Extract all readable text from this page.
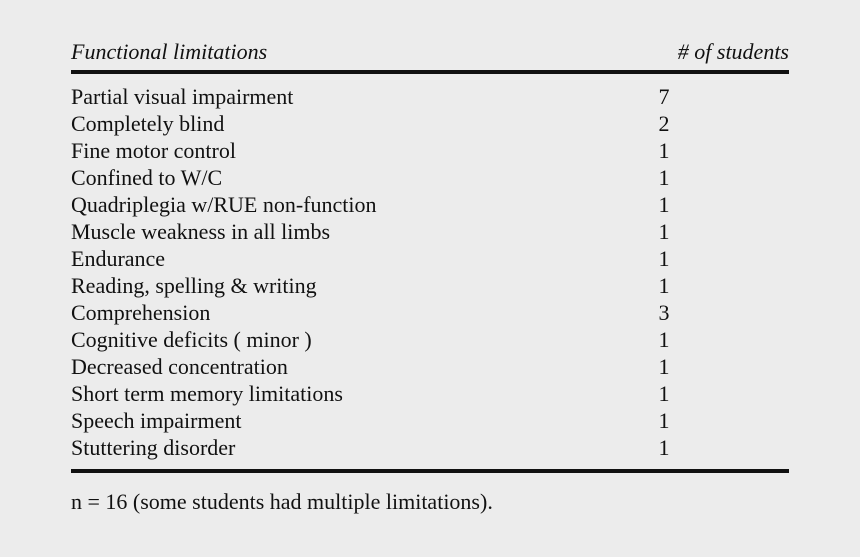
Functional limitations	# of students
Partial visual impairment	7
Completely blind	2
Fine motor control	1
Confined to W/C	1
Quadriplegia w/RUE non-function	1
Muscle weakness in all limbs	1
Endurance	1
Reading, spelling & writing	1
Comprehension	3
Cognitive deficits ( minor )	1
Decreased concentration	1
Short term memory limitations	1
Speech impairment	1
Stuttering disorder	1
n = 16 (some students had multiple limitations).
